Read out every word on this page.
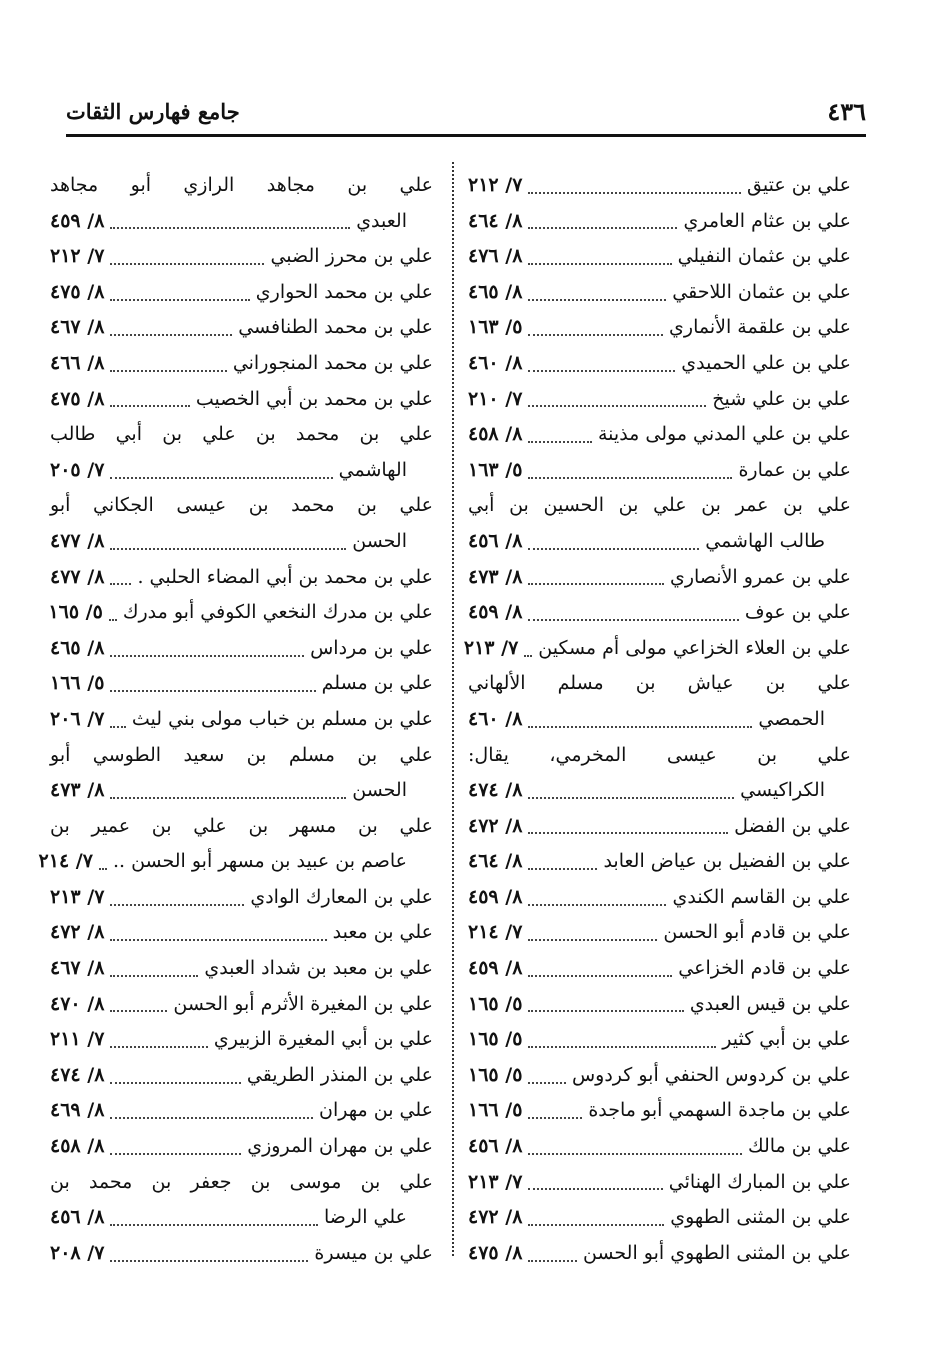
٤٣٦
جامع فهارس الثقات
علي بن عتيق
٧/ ٢١٢
علي بن عثام العامري
٨/ ٤٦٤
علي بن عثمان النفيلي
٨/ ٤٧٦
علي بن عثمان اللاحقي
٨/ ٤٦٥
علي بن علقمة الأنماري
٥/ ١٦٣
علي بن علي الحميدي
٨/ ٤٦٠
علي بن علي شيخ
٧/ ٢١٠
علي بن علي المدني مولى مذينة
٨/ ٤٥٨
علي بن عمارة
٥/ ١٦٣
علي بن عمر بن علي بن الحسين بن أبي
طالب الهاشمي
٨/ ٤٥٦
علي بن عمرو الأنصاري
٨/ ٤٧٣
علي بن عوف
٨/ ٤٥٩
علي بن العلاء الخزاعي مولى أم مسكين
٧/ ٢١٣
علي بن عياش بن مسلم الألهاني
الحمصي
٨/ ٤٦٠
علي بن عيسى المخرمي، يقال:
الكراكيسي
٨/ ٤٧٤
علي بن الفضل
٨/ ٤٧٢
علي بن الفضيل بن عياض العابد
٨/ ٤٦٤
علي بن القاسم الكندي
٨/ ٤٥٩
علي بن قادم أبو الحسن
٧/ ٢١٤
علي بن قادم الخزاعي
٨/ ٤٥٩
علي بن قيس العبدي
٥/ ١٦٥
علي بن أبي كثير
٥/ ١٦٥
علي بن كردوس الحنفي أبو كردوس
٥/ ١٦٥
علي بن ماجدة السهمي أبو ماجدة
٥/ ١٦٦
علي بن مالك
٨/ ٤٥٦
علي بن المبارك الهنائي
٧/ ٢١٣
علي بن المثنى الطهوي
٨/ ٤٧٢
علي بن المثنى الطهوي أبو الحسن
٨/ ٤٧٥
علي بن مجاهد الرازي أبو مجاهد
العبدي
٨/ ٤٥٩
علي بن محرز الضبي
٧/ ٢١٢
علي بن محمد الحواري
٨/ ٤٧٥
علي بن محمد الطنافسي
٨/ ٤٦٧
علي بن محمد المنجوراني
٨/ ٤٦٦
علي بن محمد بن أبي الخصيب
٨/ ٤٧٥
علي بن محمد بن علي بن أبي طالب
الهاشمي
٧/ ٢٠٥
علي بن محمد بن عيسى الجكاني أبو
الحسن
٨/ ٤٧٧
علي بن محمد بن أبي المضاء الحلبي .
٨/ ٤٧٧
علي بن مدرك النخعي الكوفي أبو مدرك
٥/ ١٦٥
علي بن مرداس
٨/ ٤٦٥
علي بن مسلم
٥/ ١٦٦
علي بن مسلم بن خباب مولى بني ليث
٧/ ٢٠٦
علي بن مسلم بن سعيد الطوسي أبو
الحسن
٨/ ٤٧٣
علي بن مسهر بن علي بن عمير بن
عاصم بن عبيد بن مسهر أبو الحسن ..
٧/ ٢١٤
علي بن المعارك الوادي
٧/ ٢١٣
علي بن معبد
٨/ ٤٧٢
علي بن معبد بن شداد العبدي
٨/ ٤٦٧
علي بن المغيرة الأثرم أبو الحسن
٨/ ٤٧٠
علي بن أبي المغيرة الزبيري
٧/ ٢١١
علي بن المنذر الطريقي
٨/ ٤٧٤
علي بن مهران
٨/ ٤٦٩
علي بن مهران المروزي
٨/ ٤٥٨
علي بن موسى بن جعفر بن محمد بن
علي الرضا
٨/ ٤٥٦
علي بن ميسرة
٧/ ٢٠٨
